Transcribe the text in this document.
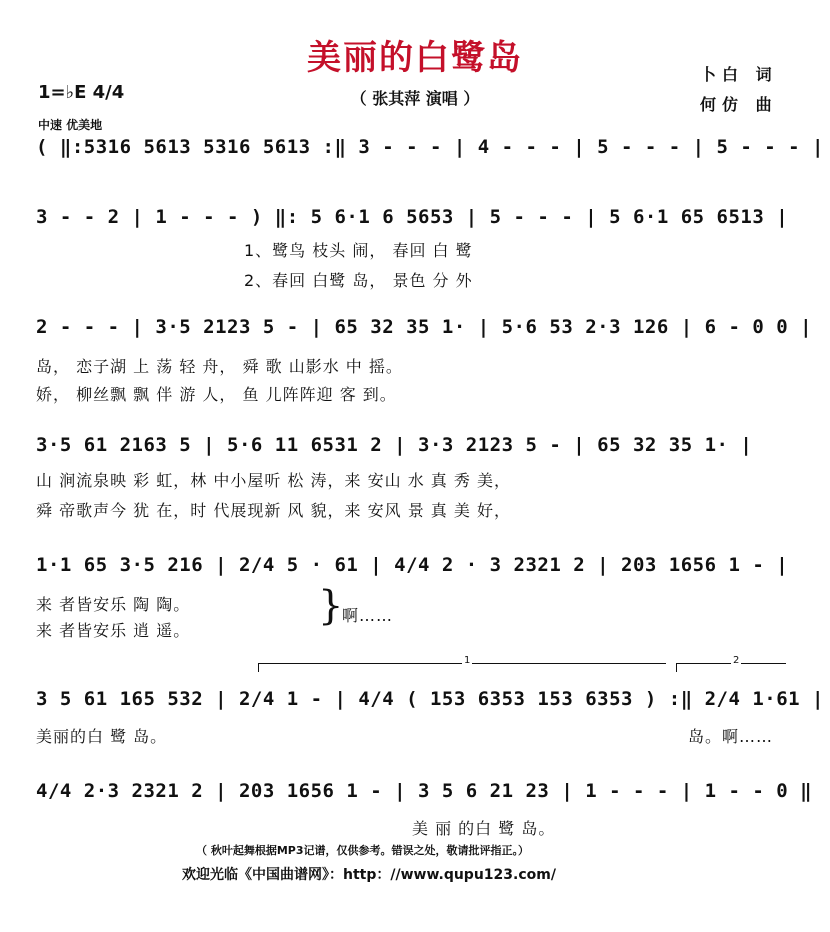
美丽的白鹭岛
（ 张其萍 演唱 ）
卜白 词
何仿 曲
1=♭E 4/4
中速 优美地
( ‖:5316 5613 5316 5613 :‖ 3 - - - | 4 - - - | 5 - - - | 5 - - - |
3 - - 2 | 1 - - - ) ‖: 5 6·1 6 5653 | 5 - - - | 5 6·1 65 6513 |
1、鹭鸟 枝头 闹， 春回 白 鹭
2、春回 白鹭 岛， 景色 分 外
2 - - - | 3·5 2123 5 - | 65 32 35 1· | 5·6 53 2·3 126 | 6 - 0 0 |
岛， 恋子湖 上 荡 轻 舟， 舜 歌 山影水 中 摇。
娇， 柳丝飘 飘 伴 游 人， 鱼 儿阵阵迎 客 到。
3·5 61 2163 5 | 5·6 11 6531 2 | 3·3 2123 5 - | 65 32 35 1· |
山 涧流泉映 彩 虹，林 中小屋听 松 涛，来 安山 水 真 秀 美，
舜 帝歌声今 犹 在，时 代展现新 风 貌，来 安风 景 真 美 好，
1·1 65 3·5 216 | 2/4 5 · 61 | 4/4 2 · 3 2321 2 | 203 1656 1 - |
来 者皆安乐 陶 陶。
来 者皆安乐 逍 遥。
}
啊……
1	2
3 5 61 165 532 | 2/4 1 - | 4/4 ( 153 6353 153 6353 ) :‖ 2/4 1·61 |
美丽的白 鹭 岛。	岛。啊……
4/4 2·3 2321 2 | 203 1656 1 - | 3 5 6 21 23 | 1 - - - | 1 - - 0 ‖
美 丽 的白 鹭 岛。
（ 秋叶起舞根据MP3记谱，仅供参考。错误之处，敬请批评指正。）
欢迎光临《中国曲谱网》：http：//www.qupu123.com/
